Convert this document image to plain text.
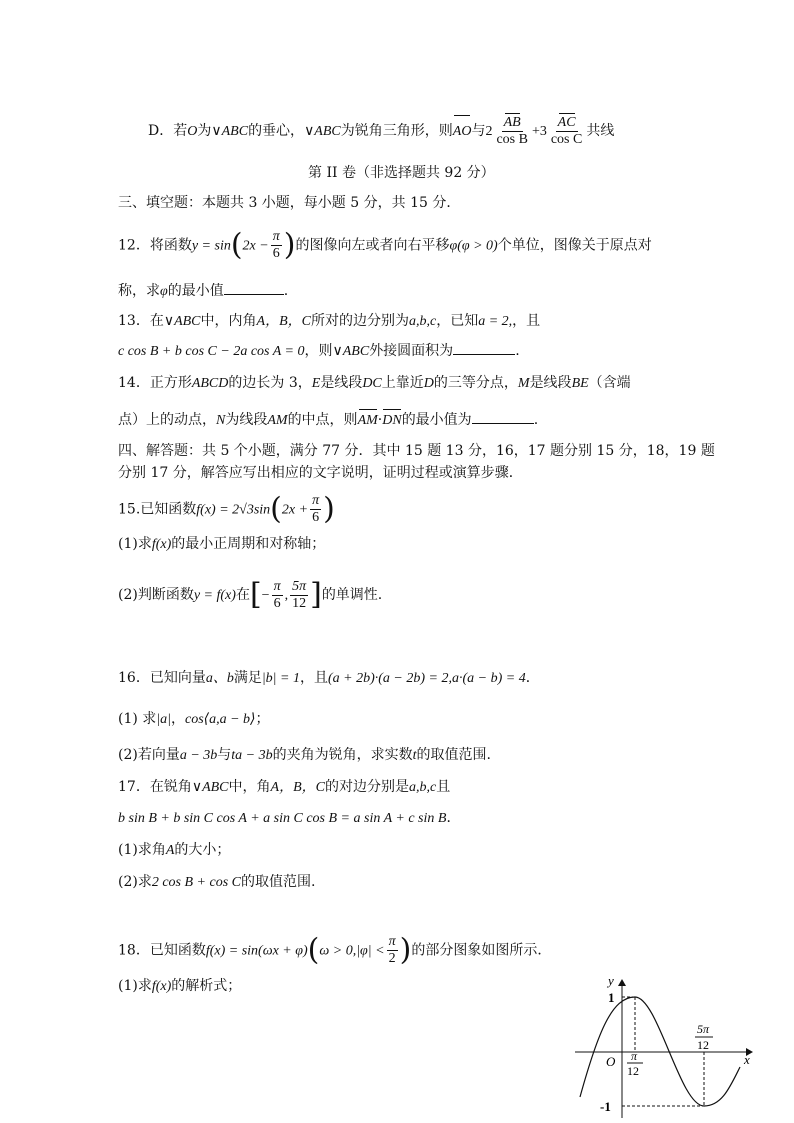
D．若O为∨ABC的垂心，∨ABC为锐角三角形，则AO与$2 \frac{AB}{\text{cos B}} +3 \frac{AC}{\text{cos C}}$ 共线
第 II 卷（非选择题共 92 分）
三、填空题：本题共 3 小题，每小题 5 分，共 15 分．
12．将函数$y = \sin(2x - \frac{\pi}{6}$ )的图像向左或者向右平移φ(φ > 0)个单位，图像关于原点对
称，求φ的最小值	.
13．在∨ABC中，内角A，B，C所对的边分别为a,b,c，已知a = 2,，且
c cos B + b cos C − 2a cos A = 0，则∨ABC外接圆面积为	.
14．正方形ABCD的边长为 3，E是线段DC上靠近D的三等分点，M是线段BE（含端
点）上的动点，N为线段AM的中点，则AM·DN的最小值为	.
四、解答题：共 5 个小题，满分 77 分．其中 15 题 13 分，16，17 题分别 15 分，18，19 题
分别 17 分，解答应写出相应的文字说明，证明过程或演算步骤．
15.已知函数$f(x) = 2√3\sin(2x + \frac{\pi}{6}$ )
(1)求f(x)的最小正周期和对称轴；
(2)判断函数y = f(x)在[− $\frac{\pi}{6}$ , $\frac{5\pi}{12}$ ]的单调性.
16．已知向量a、b满足|b| = 1，且(a + 2b)·(a − 2b) = 2,a·(a − b) = 4．
(1) 求|a|，cos⟨a,a − b⟩；
(2)若向量a − 3b与ta − 3b的夹角为锐角，求实数t的取值范围.
17．在锐角∨ABC中，角A，B，C的对边分别是a,b,c且
b sin B + b sin C cos A + a sin C cos B = a sin A + c sin B．
(1)求角A的大小；
(2)求2 cos B + cos C的取值范围.
18．已知函数$f(x) = \sin(\omega x + \varphi)(\omega > 0,|\varphi| < \frac{\pi}{2}$ )的部分图象如图所示．
(1)求f(x)的解析式；	y
x
O
1
-1
π
12
5π
12
